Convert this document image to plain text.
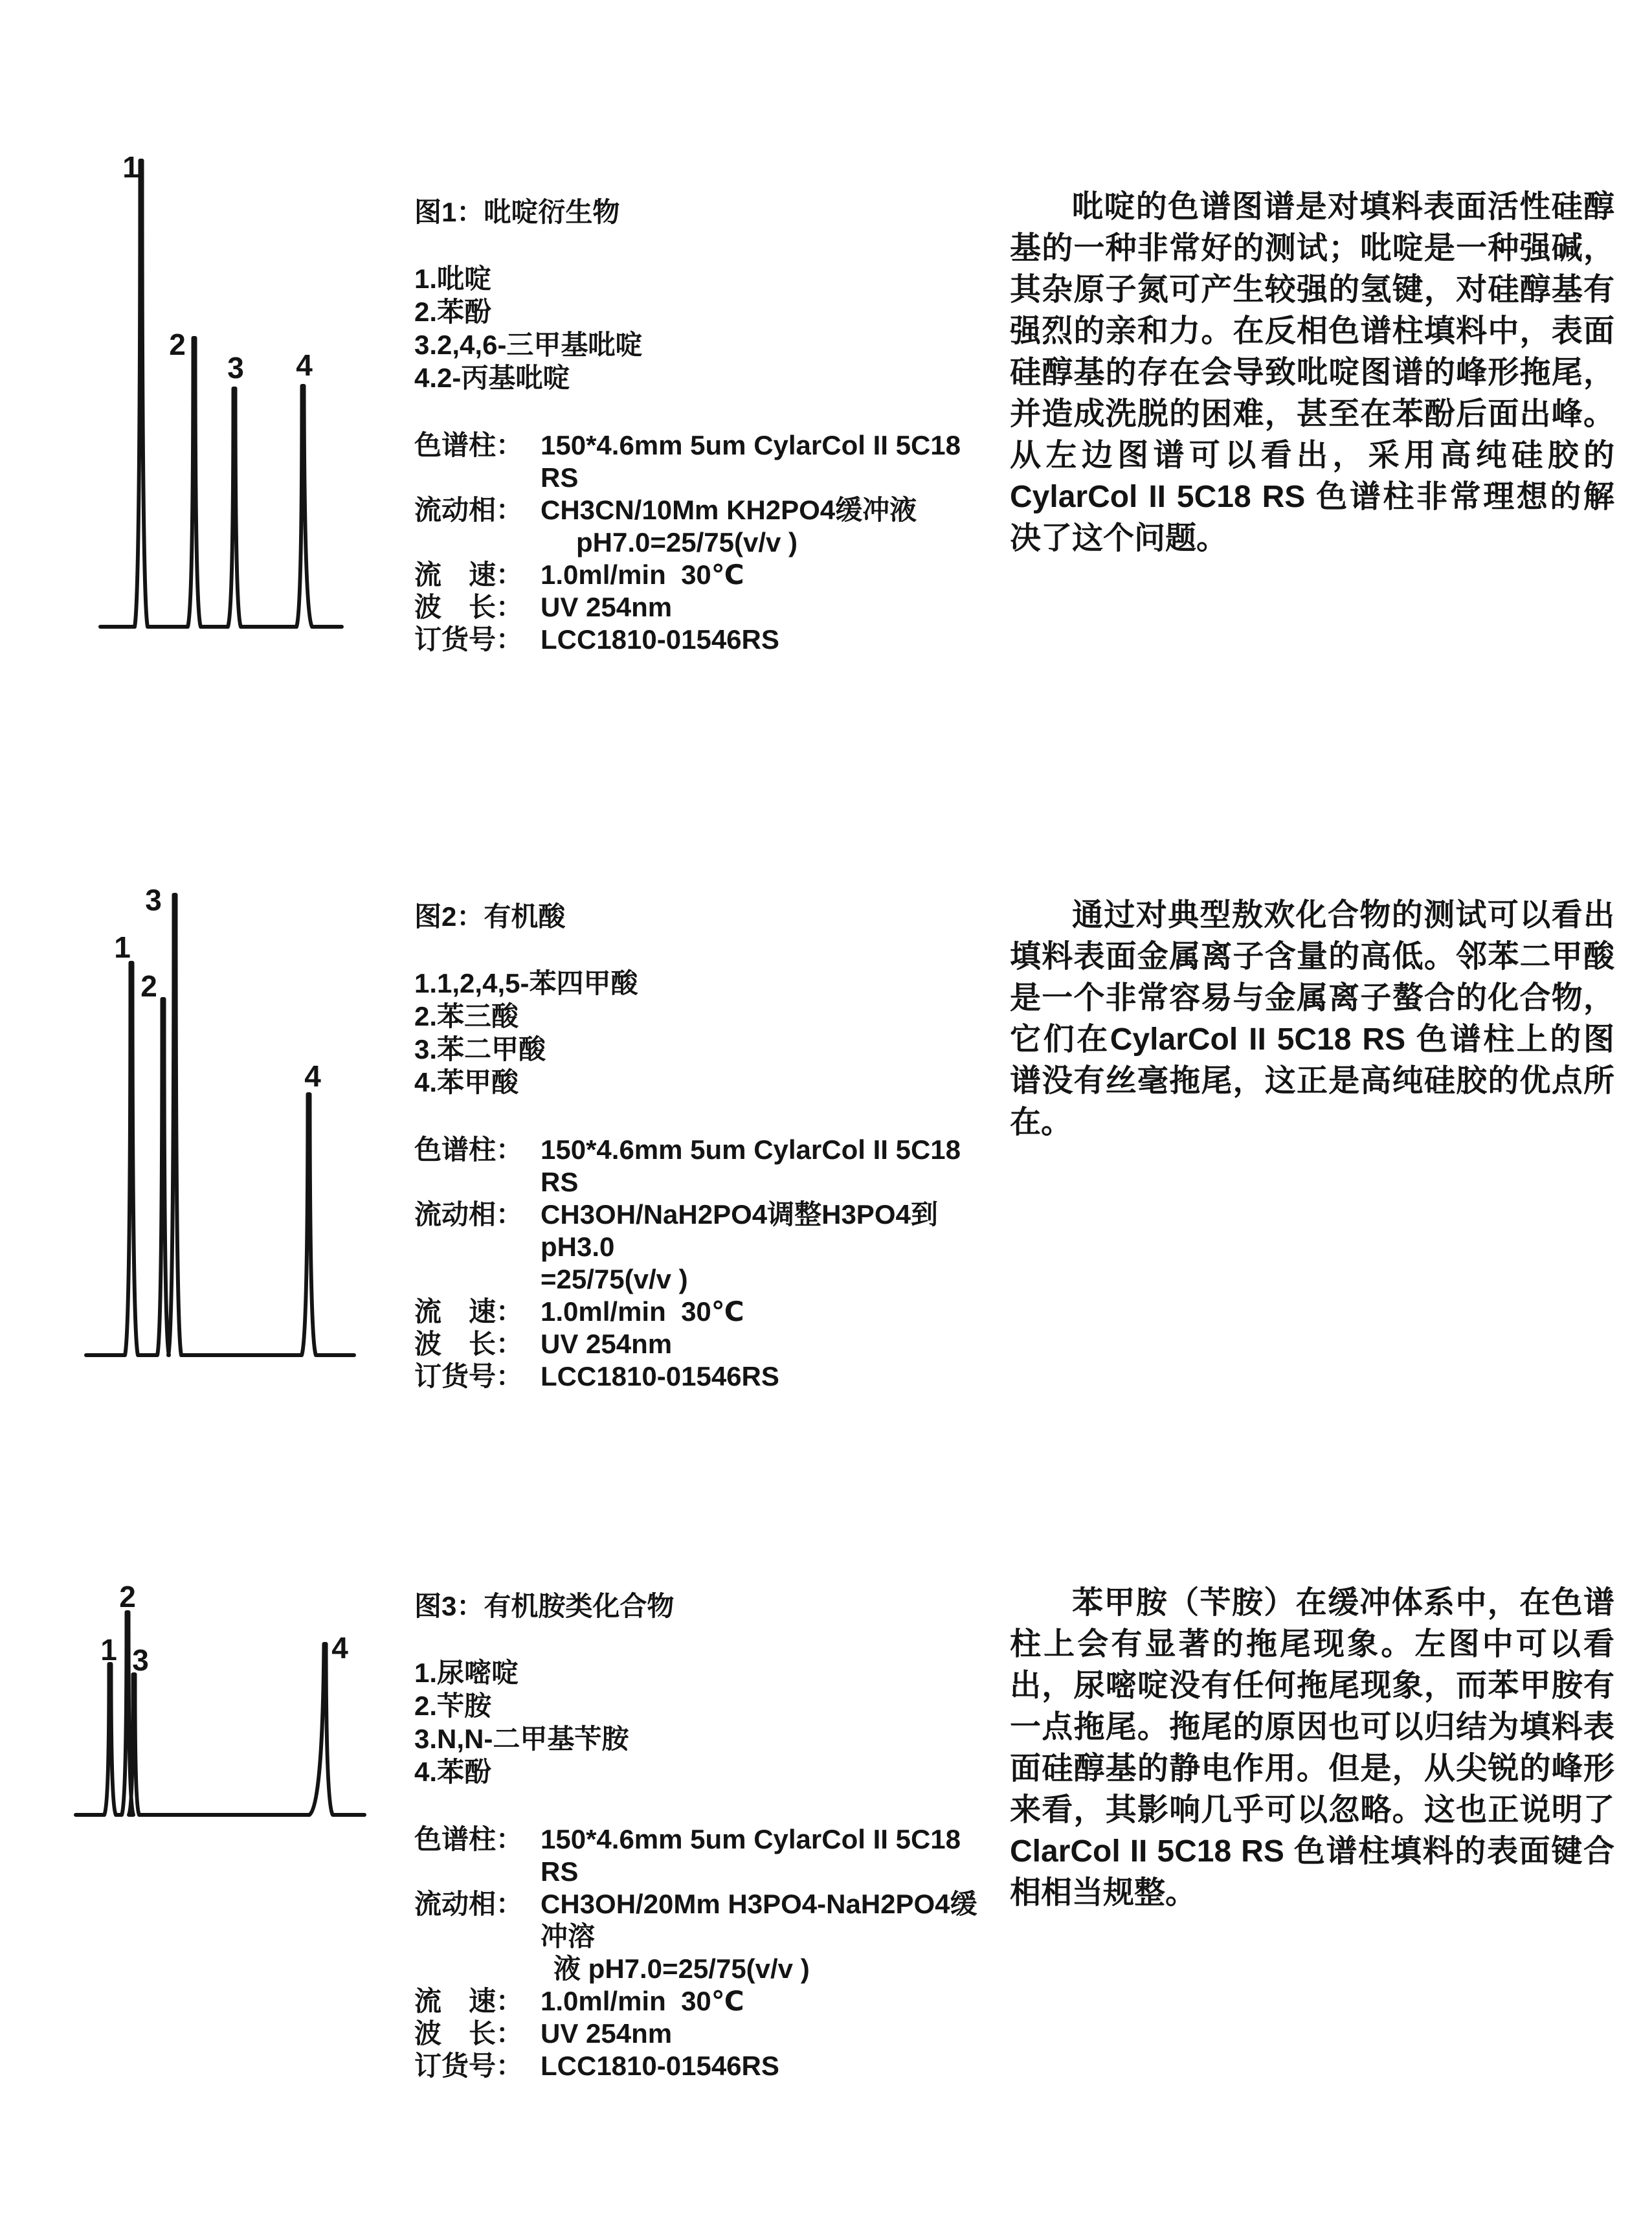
1
2
3 4
图1：吡啶衍生物
1.吡啶
2.苯酚
3.2,4,6-三甲基吡啶
4.2-丙基吡啶
色谱柱： 150*4.6mm 5um CylarCol II 5C18 RS
流动相： CH3CN/10Mm KH2PO4缓冲液
pH7.0=25/75(v/v )
流　速： 1.0ml/min  30℃
波　长： UV 254nm
订货号： LCC1810-01546RS

吡啶的色谱图谱是对填料表面活性硅醇基的一种非常好的测试；吡啶是一种强碱，其杂原子氮可产生较强的氢键，对硅醇基有强烈的亲和力。在反相色谱柱填料中，表面硅醇基的存在会导致吡啶图谱的峰形拖尾，并造成洗脱的困难，甚至在苯酚后面出峰。从左边图谱可以看出，采用高纯硅胶的CylarCol II 5C18 RS 色谱柱非常理想的解决了这个问题。

1
2
3
4
图2：有机酸
1.1,2,4,5-苯四甲酸
2.苯三酸
3.苯二甲酸
4.苯甲酸
色谱柱： 150*4.6mm 5um CylarCol II 5C18 RS
流动相： CH3OH/NaH2PO4调整H3PO4到pH3.0
=25/75(v/v )
流　速： 1.0ml/min  30℃
波　长： UV 254nm
订货号： LCC1810-01546RS

通过对典型敖欢化合物的测试可以看出填料表面金属离子含量的高低。邻苯二甲酸是一个非常容易与金属离子螯合的化合物，它们在CylarCol II 5C18 RS 色谱柱上的图谱没有丝毫拖尾，这正是高纯硅胶的优点所在。

1
2
3	4
图3：有机胺类化合物
1.尿嘧啶
2.苄胺
3.N,N-二甲基苄胺
4.苯酚
色谱柱： 150*4.6mm 5um CylarCol II 5C18 RS
流动相： CH3OH/20Mm H3PO4-NaH2PO4缓冲溶
液 pH7.0=25/75(v/v )
流　速： 1.0ml/min  30℃
波　长： UV 254nm
订货号： LCC1810-01546RS

苯甲胺（苄胺）在缓冲体系中，在色谱柱上会有显著的拖尾现象。左图中可以看出，尿嘧啶没有任何拖尾现象，而苯甲胺有一点拖尾。拖尾的原因也可以归结为填料表面硅醇基的静电作用。但是，从尖锐的峰形来看，其影响几乎可以忽略。这也正说明了ClarCol II 5C18 RS 色谱柱填料的表面键合相相当规整。
